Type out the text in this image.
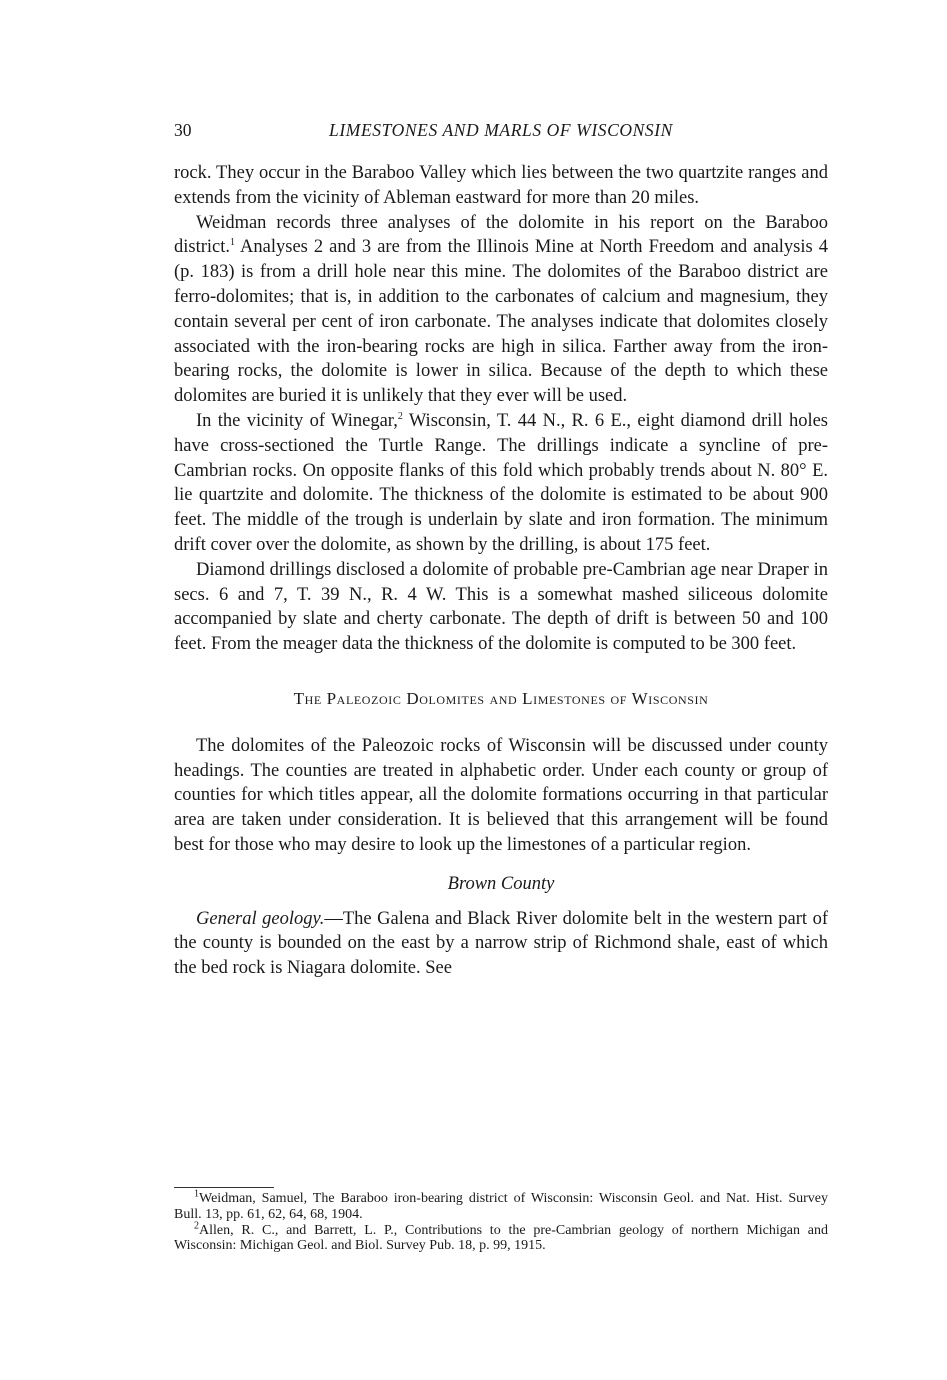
30	LIMESTONES AND MARLS OF WISCONSIN

rock. They occur in the Baraboo Valley which lies between the two quartzite ranges and extends from the vicinity of Ableman eastward for more than 20 miles.

Weidman records three analyses of the dolomite in his report on the Baraboo district.$^1$ Analyses 2 and 3 are from the Illinois Mine at North Freedom and analysis 4 (p. 183) is from a drill hole near this mine. The dolomites of the Baraboo district are ferro-dolomites; that is, in addition to the carbonates of calcium and magnesium, they contain several per cent of iron carbonate. The analyses indicate that dolomites closely associated with the iron-bearing rocks are high in silica. Farther away from the iron-bearing rocks, the dolomite is lower in silica. Because of the depth to which these dolomites are buried it is unlikely that they ever will be used.

In the vicinity of Winegar,$^2$ Wisconsin, T. 44 N., R. 6 E., eight diamond drill holes have cross-sectioned the Turtle Range. The drillings indicate a syncline of pre-Cambrian rocks. On opposite flanks of this fold which probably trends about N. 80° E. lie quartzite and dolomite. The thickness of the dolomite is estimated to be about 900 feet. The middle of the trough is underlain by slate and iron formation. The minimum drift cover over the dolomite, as shown by the drilling, is about 175 feet.

Diamond drillings disclosed a dolomite of probable pre-Cambrian age near Draper in secs. 6 and 7, T. 39 N., R. 4 W. This is a somewhat mashed siliceous dolomite accompanied by slate and cherty carbonate. The depth of drift is between 50 and 100 feet. From the meager data the thickness of the dolomite is computed to be 300 feet.

The Paleozoic Dolomites and Limestones of Wisconsin

The dolomites of the Paleozoic rocks of Wisconsin will be discussed under county headings. The counties are treated in alphabetic order. Under each county or group of counties for which titles appear, all the dolomite formations occurring in that particular area are taken under consideration. It is believed that this arrangement will be found best for those who may desire to look up the limestones of a particular region.

Brown County

General geology.—The Galena and Black River dolomite belt in the western part of the county is bounded on the east by a narrow strip of Richmond shale, east of which the bed rock is Niagara dolomite. See

$^1$Weidman, Samuel, The Baraboo iron-bearing district of Wisconsin: Wisconsin Geol. and Nat. Hist. Survey Bull. 13, pp. 61, 62, 64, 68, 1904.

$^2$Allen, R. C., and Barrett, L. P., Contributions to the pre-Cambrian geology of northern Michigan and Wisconsin: Michigan Geol. and Biol. Survey Pub. 18, p. 99, 1915.
